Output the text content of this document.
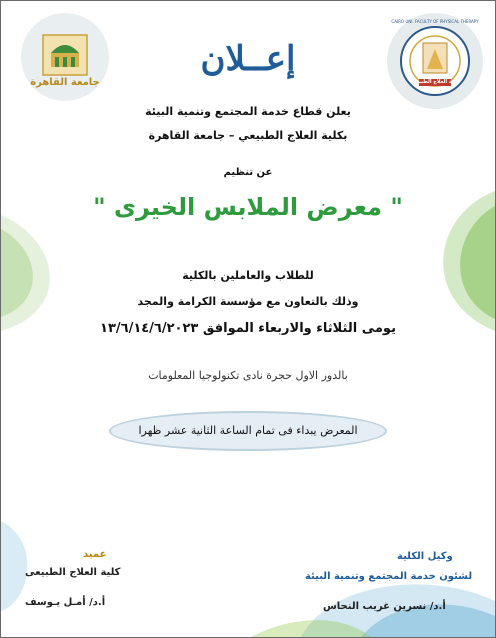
جامعة القاهرة
CAIRO UNI. FACULTY OF PHYSICAL THERAPY
كلية العلاج الطبيعي
إعــلان
يعلن قطاع خدمة المجتمع وتنمية البيئة
بكلية العلاج الطبيعي – جامعة القاهرة
عن تنظيم
" معرض الملابس الخيرى "
للطلاب والعاملين بالكلية
وذلك بالتعاون مع مؤسسة الكرامة والمجد
يومى الثلاثاء والاربعاء الموافق ١٣/٦/١٤/٦/٢٠٢٣
بالدور الاول حجرة نادى تكنولوجيا المعلومات
المعرض يبداء فى تمام الساعة الثانية عشر ظهرا
عميد
كلية العلاج الطبيعى
أ.د/ أمـل يـوسف
وكيل الكلية
لشئون خدمة المجتمع وتنمية البيئة
أ.د/ نسرين غريب النحاس
